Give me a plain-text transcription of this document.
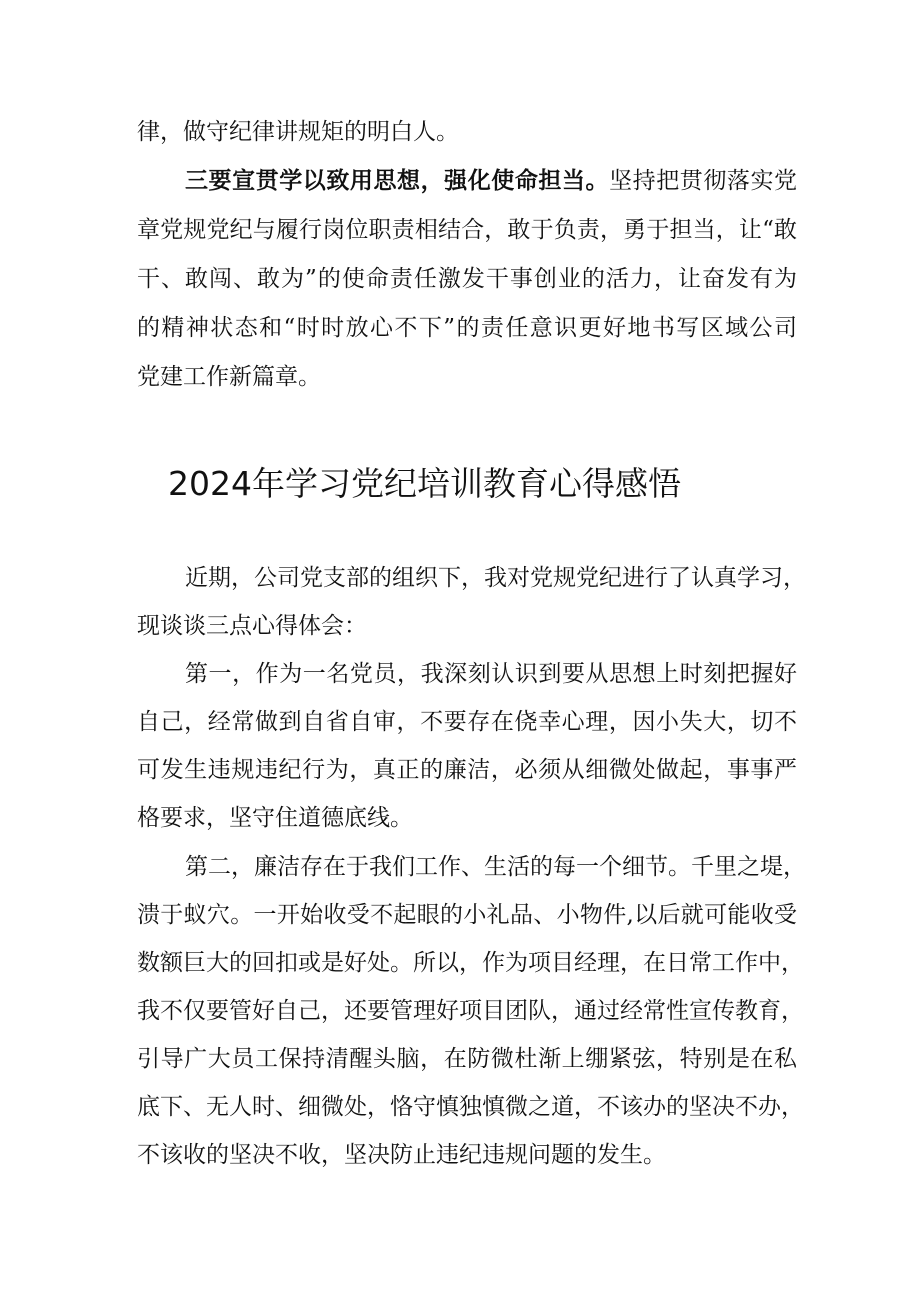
律，做守纪律讲规矩的明白人。
三要宣贯学以致用思想，强化使命担当。坚持把贯彻落实党
章党规党纪与履行岗位职责相结合，敢于负责，勇于担当，让“敢
干、敢闯、敢为”的使命责任激发干事创业的活力，让奋发有为
的精神状态和“时时放心不下”的责任意识更好地书写区域公司
党建工作新篇章。
2024年学习党纪培训教育心得感悟
近期，公司党支部的组织下，我对党规党纪进行了认真学习，
现谈谈三点心得体会：
第一，作为一名党员，我深刻认识到要从思想上时刻把握好
自己，经常做到自省自审，不要存在侥幸心理，因小失大，切不
可发生违规违纪行为，真正的廉洁，必须从细微处做起，事事严
格要求，坚守住道德底线。
第二，廉洁存在于我们工作、生活的每一个细节。千里之堤，
溃于蚁穴。一开始收受不起眼的小礼品、小物件,以后就可能收受
数额巨大的回扣或是好处。所以，作为项目经理，在日常工作中，
我不仅要管好自己，还要管理好项目团队，通过经常性宣传教育，
引导广大员工保持清醒头脑，在防微杜渐上绷紧弦，特别是在私
底下、无人时、细微处，恪守慎独慎微之道，不该办的坚决不办，
不该收的坚决不收，坚决防止违纪违规问题的发生。
